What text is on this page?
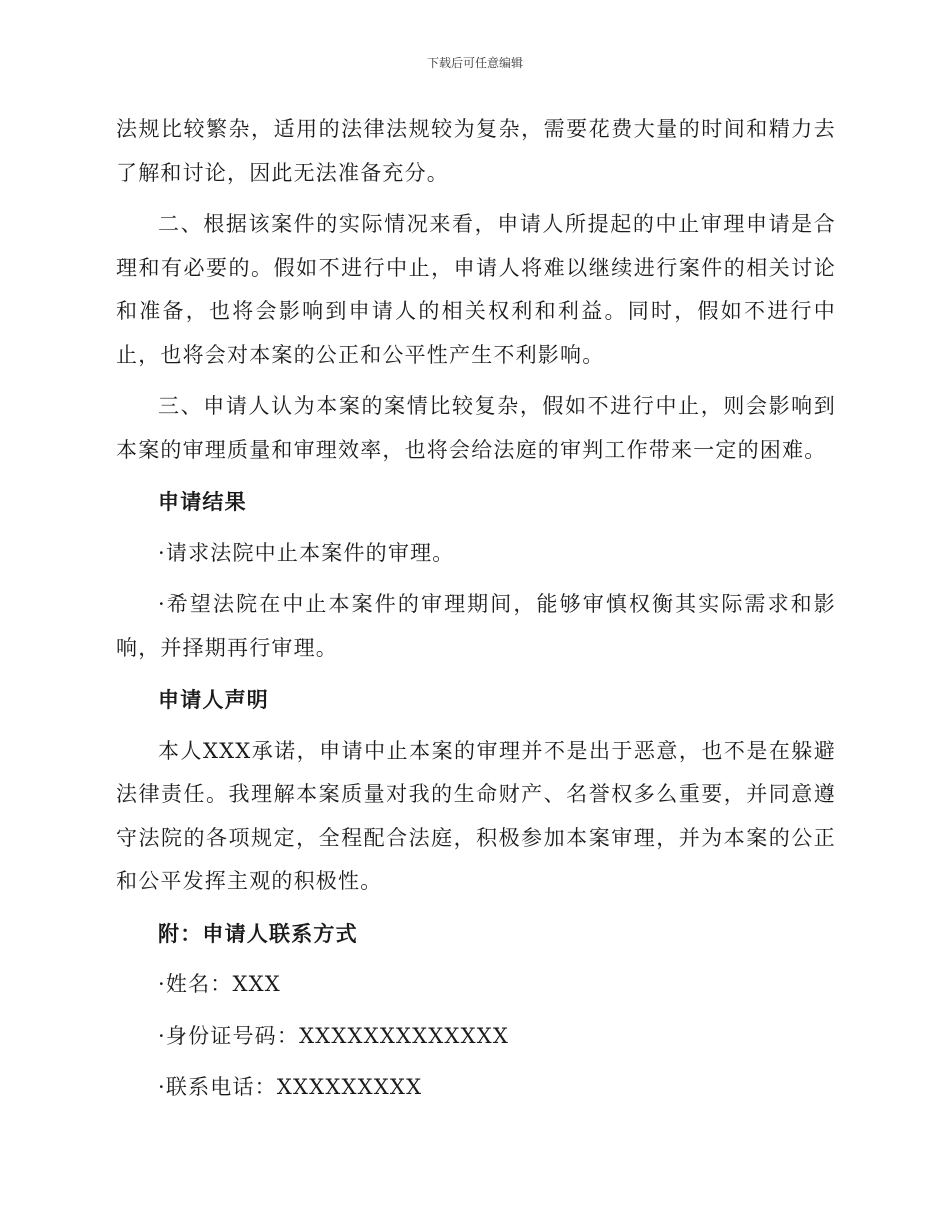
下载后可任意编辑

法规比较繁杂，适用的法律法规较为复杂，需要花费大量的时间和精力去了解和讨论，因此无法准备充分。

二、根据该案件的实际情况来看，申请人所提起的中止审理申请是合理和有必要的。假如不进行中止，申请人将难以继续进行案件的相关讨论和准备，也将会影响到申请人的相关权利和利益。同时，假如不进行中止，也将会对本案的公正和公平性产生不利影响。

三、申请人认为本案的案情比较复杂，假如不进行中止，则会影响到本案的审理质量和审理效率，也将会给法庭的审判工作带来一定的困难。

申请结果

·请求法院中止本案件的审理。

·希望法院在中止本案件的审理期间，能够审慎权衡其实际需求和影响，并择期再行审理。

申请人声明

本人XXX承诺，申请中止本案的审理并不是出于恶意，也不是在躲避法律责任。我理解本案质量对我的生命财产、名誉权多么重要，并同意遵守法院的各项规定，全程配合法庭，积极参加本案审理，并为本案的公正和公平发挥主观的积极性。

附：申请人联系方式

·姓名：XXX

·身份证号码：XXXXXXXXXXXXX

·联系电话：XXXXXXXXX
